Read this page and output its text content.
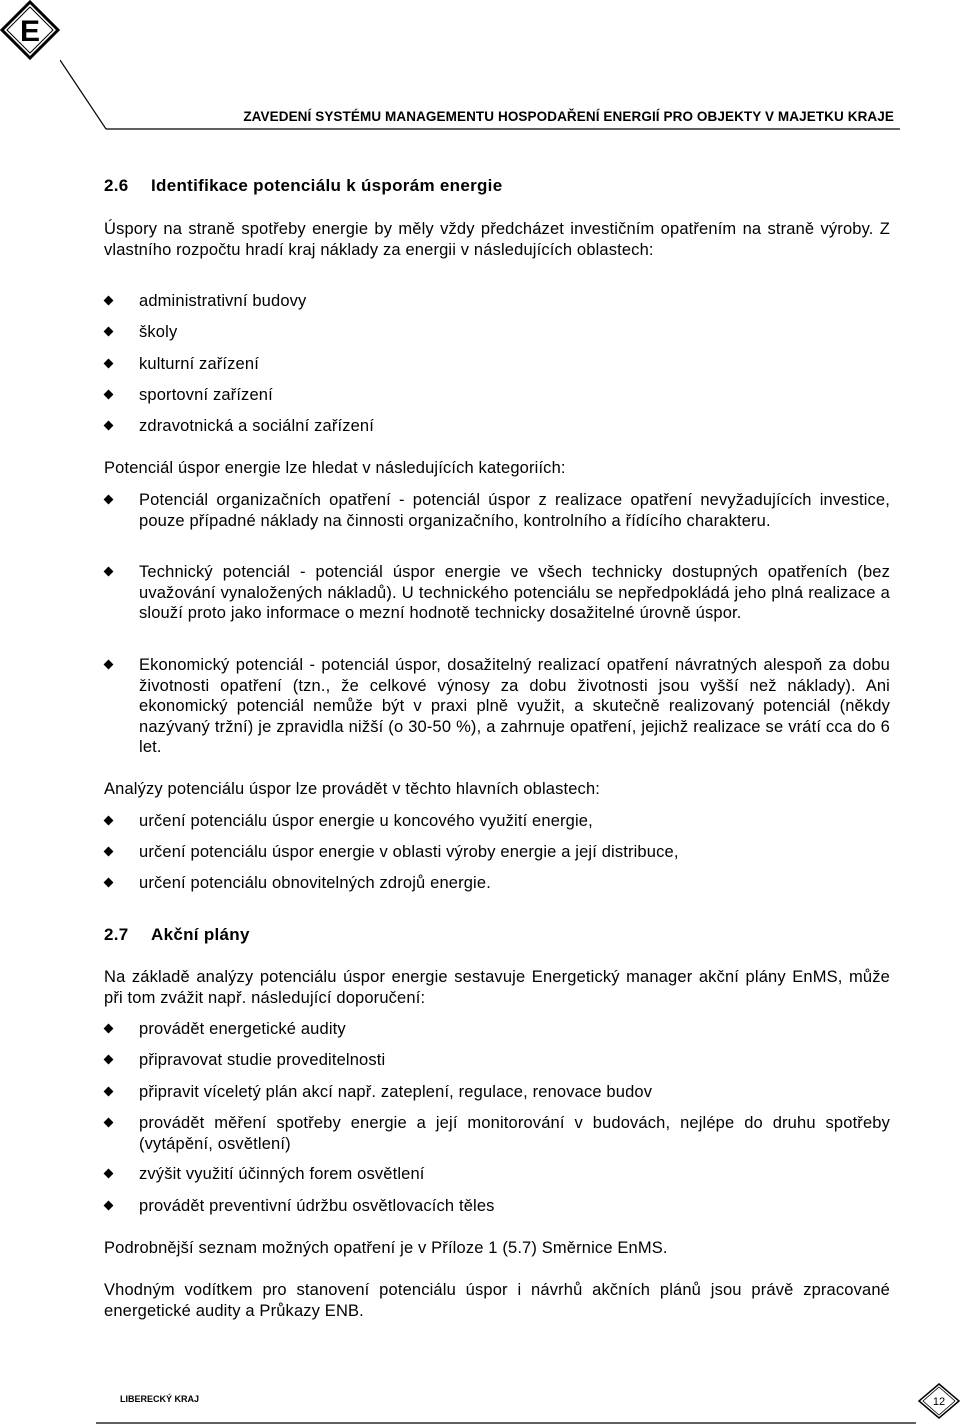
E
ZAVEDENÍ SYSTÉMU MANAGEMENTU HOSPODAŘENÍ ENERGIÍ PRO OBJEKTY V MAJETKU KRAJE
2.6 Identifikace potenciálu k úsporám energie

Úspory na straně spotřeby energie by měly vždy předcházet investičním opatřením na straně výroby. Z vlastního rozpočtu hradí kraj náklady za energii v následujících oblastech:

administrativní budovy
školy
kulturní zařízení
sportovní zařízení
zdravotnická a sociální zařízení

Potenciál úspor energie lze hledat v následujících kategoriích:

Potenciál organizačních opatření - potenciál úspor z realizace opatření nevyžadujících investice, pouze případné náklady na činnosti organizačního, kontrolního a řídícího charakteru.
Technický potenciál - potenciál úspor energie ve všech technicky dostupných opatřeních (bez uvažování vynaložených nákladů). U technického potenciálu se nepředpokládá jeho plná realizace a slouží proto jako informace o mezní hodnotě technicky dosažitelné úrovně úspor.
Ekonomický potenciál - potenciál úspor, dosažitelný realizací opatření návratných alespoň za dobu životnosti opatření (tzn., že celkové výnosy za dobu životnosti jsou vyšší než náklady). Ani ekonomický potenciál nemůže být v praxi plně využit, a skutečně realizovaný potenciál (někdy nazývaný tržní) je zpravidla nižší (o 30-50 %), a zahrnuje opatření, jejichž realizace se vrátí cca do 6 let.

Analýzy potenciálu úspor lze provádět v těchto hlavních oblastech:

určení potenciálu úspor energie u koncového využití energie,
určení potenciálu úspor energie v oblasti výroby energie a její distribuce,
určení potenciálu obnovitelných zdrojů energie.
2.7 Akční plány

Na základě analýzy potenciálu úspor energie sestavuje Energetický manager akční plány EnMS, může při tom zvážit např. následující doporučení:

provádět energetické audity
připravovat studie proveditelnosti
připravit víceletý plán akcí např. zateplení, regulace, renovace budov
provádět měření spotřeby energie a její monitorování v budovách, nejlépe do druhu spotřeby (vytápění, osvětlení)
zvýšit využití účinných forem osvětlení
provádět preventivní údržbu osvětlovacích těles

Podrobnější seznam možných opatření je v Příloze 1 (5.7) Směrnice EnMS.

Vhodným vodítkem pro stanovení potenciálu úspor i návrhů akčních plánů jsou právě zpracované energetické audity a Průkazy ENB.

LIBERECKÝ KRAJ	12
